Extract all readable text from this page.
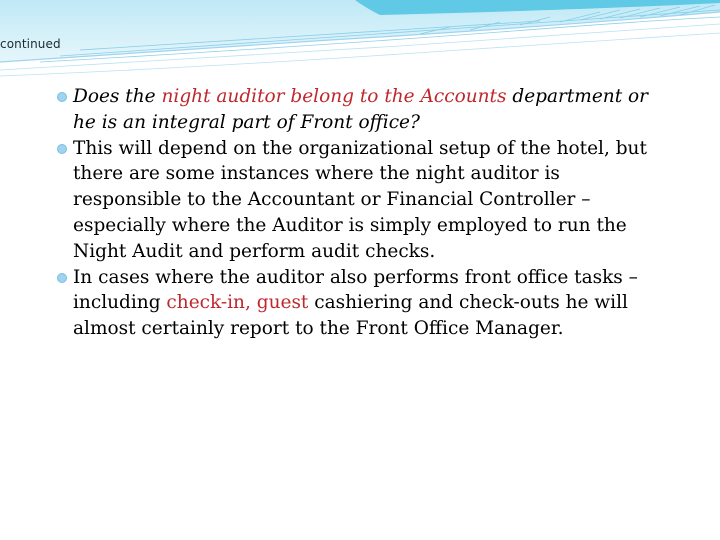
continued
Does the night auditor belong to the Accounts department or he is an integral part of Front office?
This will depend on the organizational setup of the hotel, but there are some instances where the night auditor is responsible to the Accountant or Financial Controller – especially where the Auditor is simply employed to run the Night Audit and perform audit checks.
In cases where the auditor also performs front office tasks – including check-in, guest cashiering and check-outs he will almost certainly report to the Front Office Manager.
